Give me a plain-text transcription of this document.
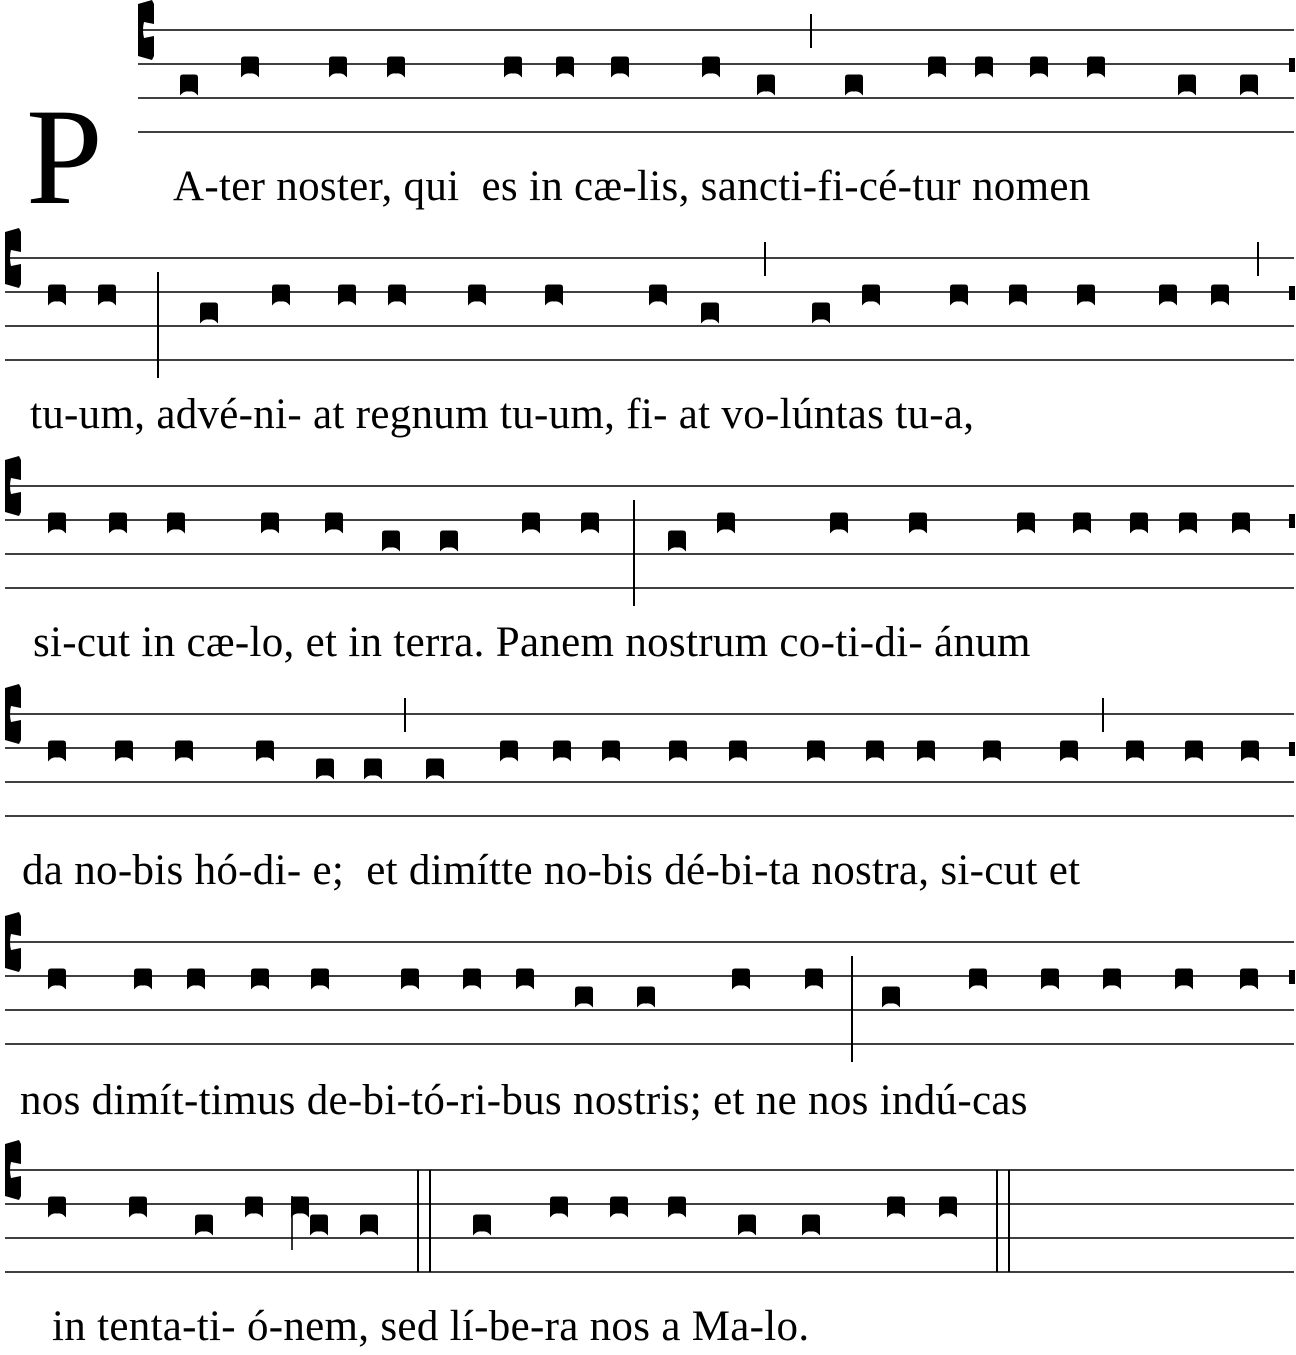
P A-ter noster, qui  es in cæ-lis, sancti-fi-cé-tur nomen
tu-um, advé-ni- at regnum tu-um, fi- at vo-lúntas tu-a,
si-cut in cæ-lo, et in terra. Panem nostrum co-ti-di- ánum
da no-bis hó-di- e;  et dimítte no-bis dé-bi-ta nostra, si-cut et
nos dimít-timus de-bi-tó-ri-bus nostris; et ne nos indú-cas
in tenta-ti- ó-nem, sed lí-be-ra nos a Ma-lo.
